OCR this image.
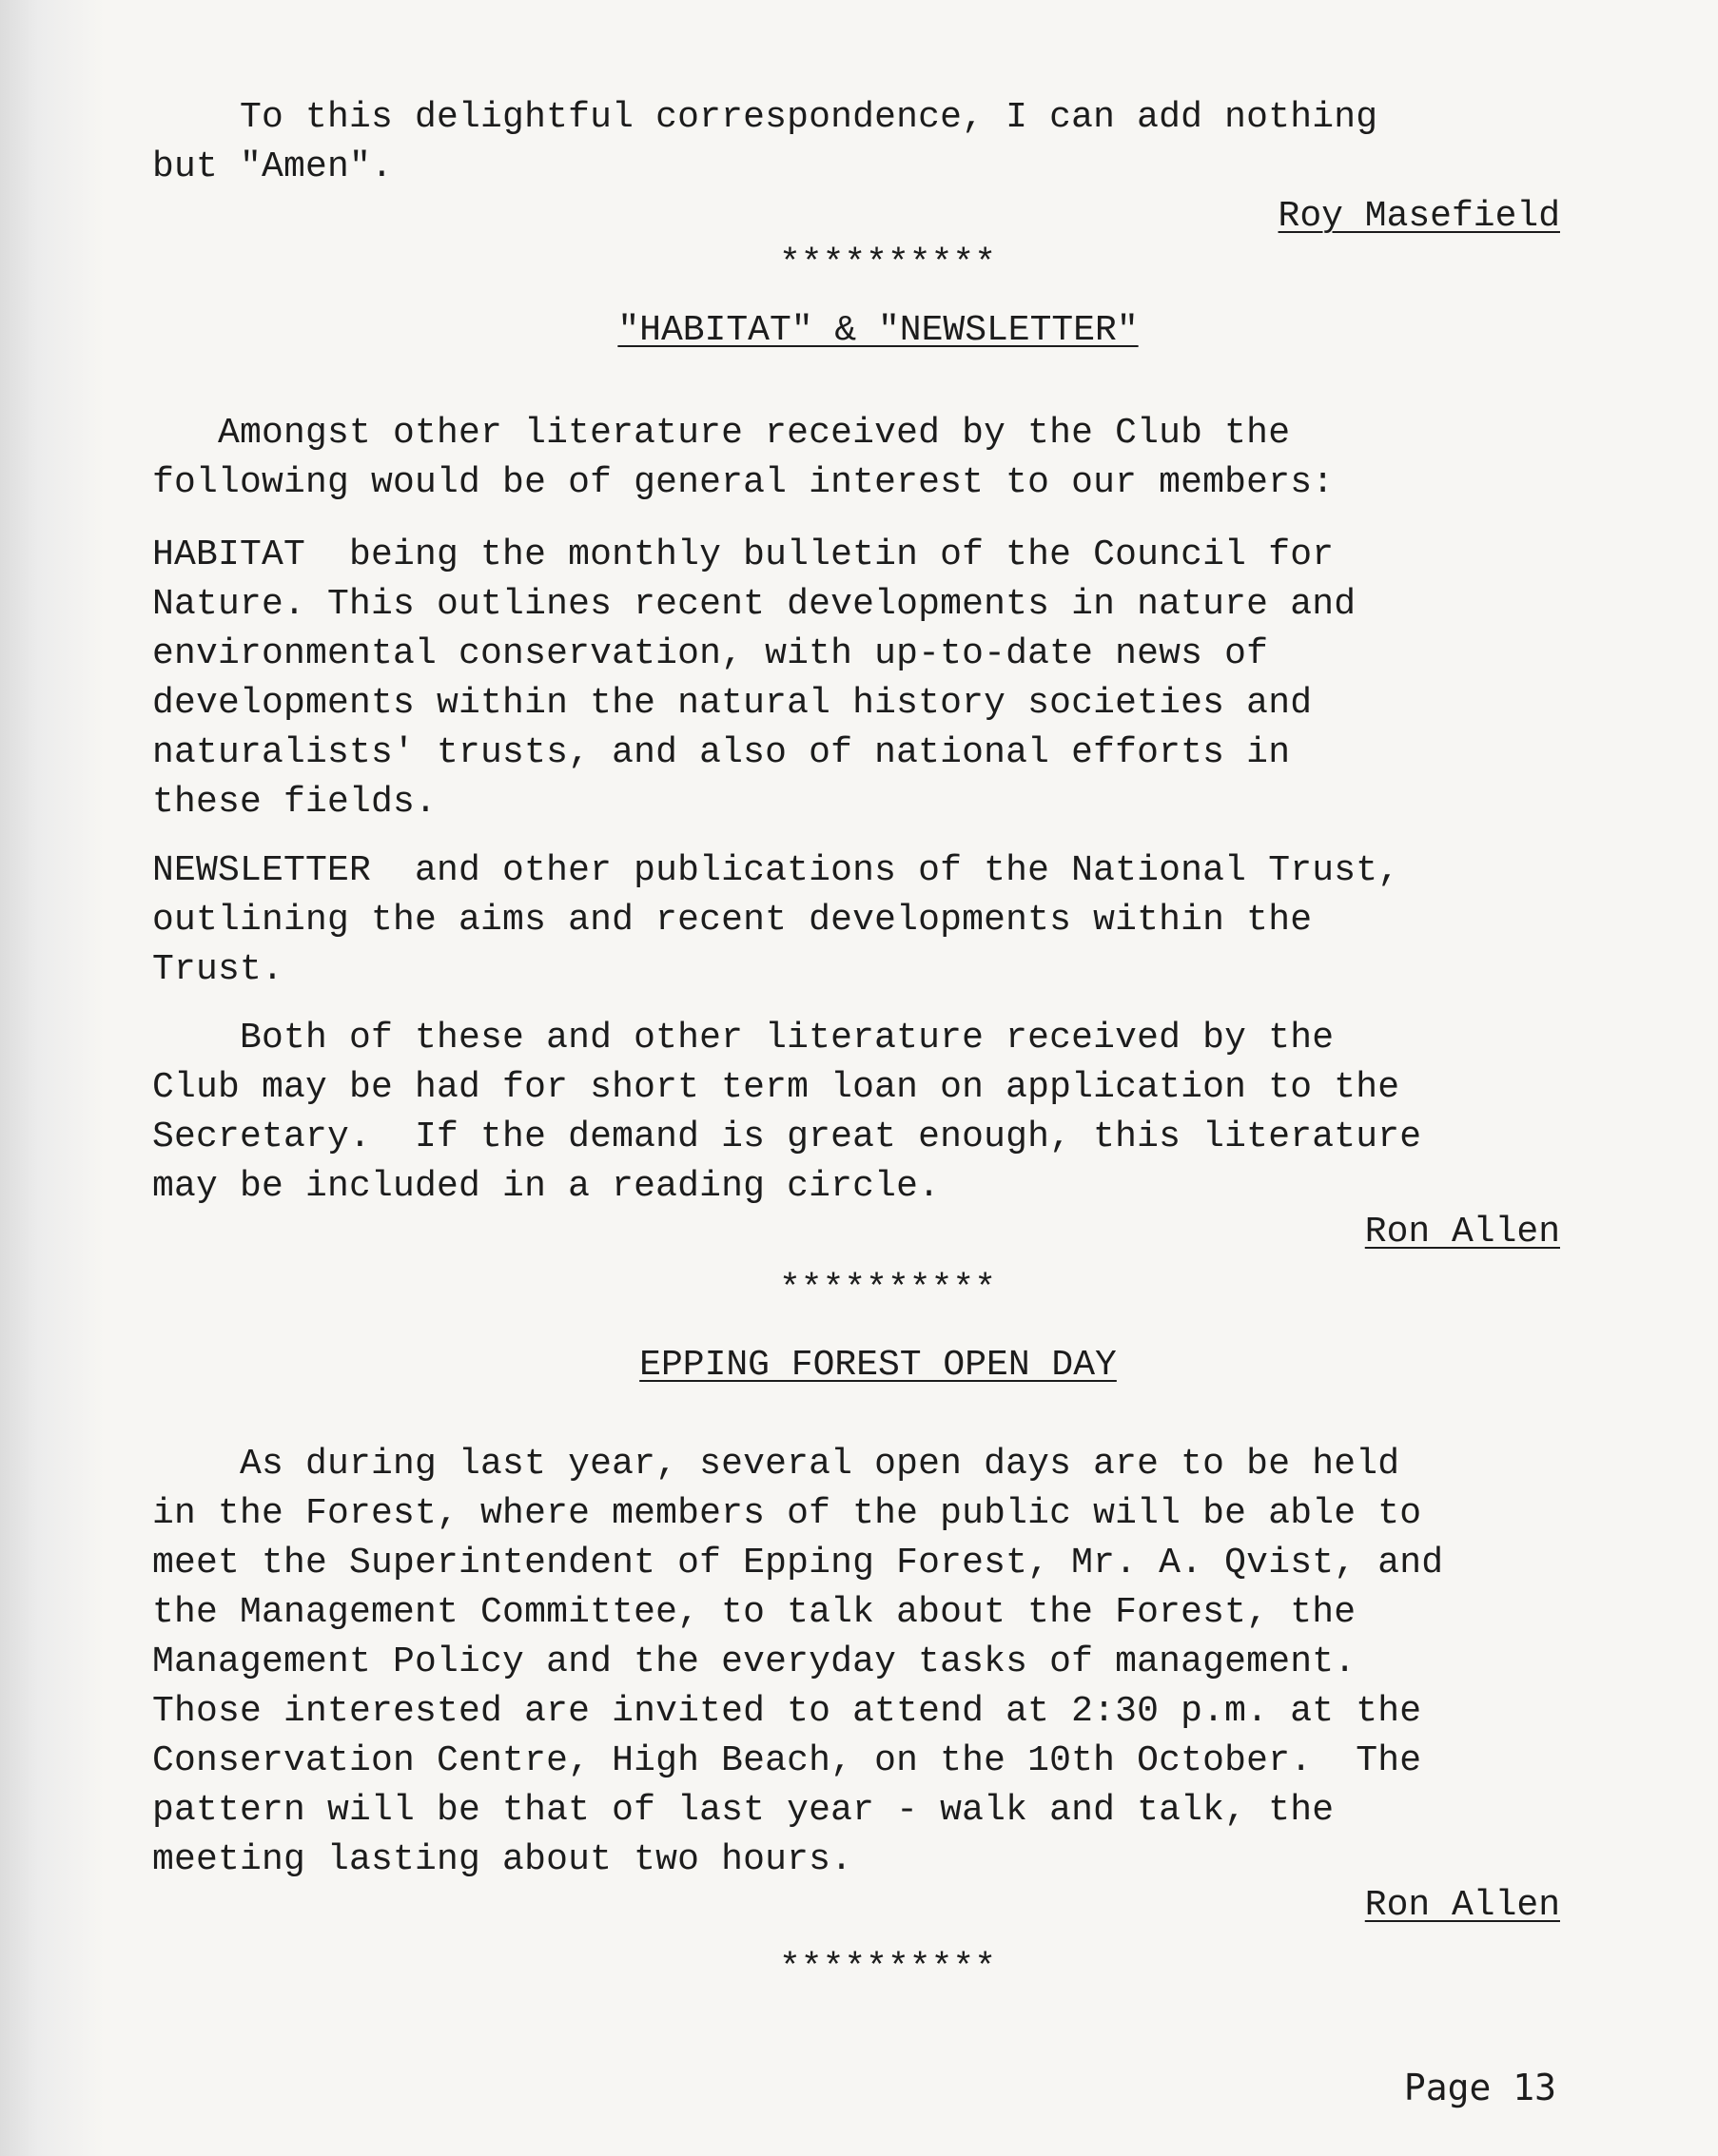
To this delightful correspondence, I can add nothing
but "Amen".
Roy Masefield
**********
"HABITAT" & "NEWSLETTER"
Amongst other literature received by the Club the
following would be of general interest to our members:
HABITAT  being the monthly bulletin of the Council for
Nature. This outlines recent developments in nature and
environmental conservation, with up-to-date news of
developments within the natural history societies and
naturalists' trusts, and also of national efforts in
these fields.
NEWSLETTER  and other publications of the National Trust,
outlining the aims and recent developments within the
Trust.
Both of these and other literature received by the
Club may be had for short term loan on application to the
Secretary.  If the demand is great enough, this literature
may be included in a reading circle.
Ron Allen
**********
EPPING FOREST OPEN DAY
As during last year, several open days are to be held
in the Forest, where members of the public will be able to
meet the Superintendent of Epping Forest, Mr. A. Qvist, and
the Management Committee, to talk about the Forest, the
Management Policy and the everyday tasks of management.
Those interested are invited to attend at 2:30 p.m. at the
Conservation Centre, High Beach, on the 10th October.  The
pattern will be that of last year - walk and talk, the
meeting lasting about two hours.
Ron Allen
**********
Page 13
